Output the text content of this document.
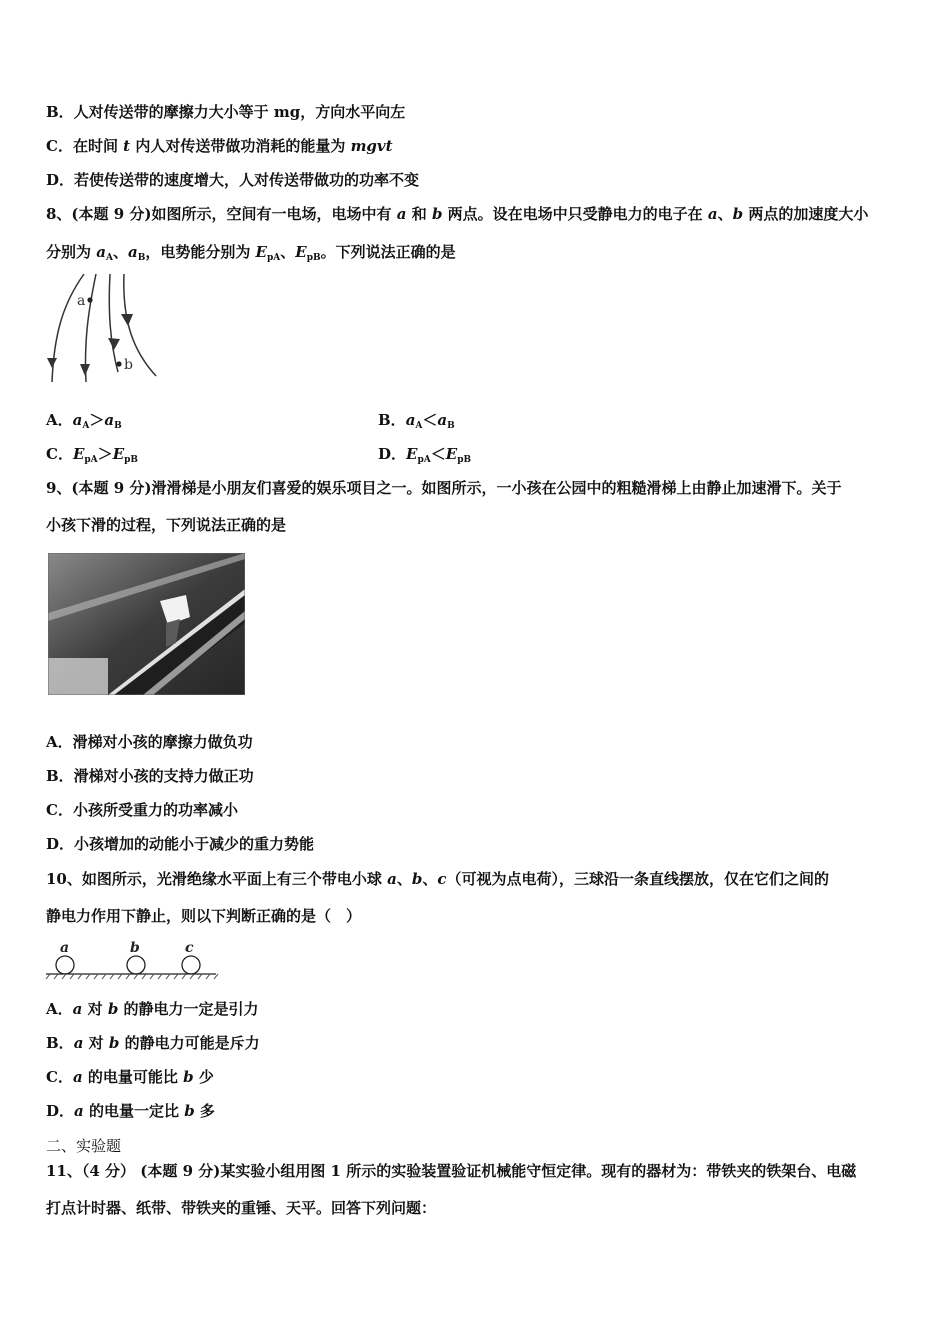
B．人对传送带的摩擦力大小等于 mg，方向水平向左
C．在时间 t 内人对传送带做功消耗的能量为 mgvt
D．若使传送带的速度增大，人对传送带做功的功率不变
8、(本题 9 分)如图所示，空间有一电场，电场中有 a 和 b 两点。设在电场中只受静电力的电子在 a、b 两点的加速度大小
分别为 $a_A$、$a_B$，电势能分别为 $E_{pA}$、$E_{pB}$。下列说法正确的是
a
b
A．$a_A>a_B$	B．$a_A<a_B$
C．$E_{pA}>E_{pB}$	D．$E_{pA}<E_{pB}$
9、(本题 9 分)滑滑梯是小朋友们喜爱的娱乐项目之一。如图所示，一小孩在公园中的粗糙滑梯上由静止加速滑下。关于
小孩下滑的过程，下列说法正确的是
A．滑梯对小孩的摩擦力做负功
B．滑梯对小孩的支持力做正功
C．小孩所受重力的功率减小
D．小孩增加的动能小于减少的重力势能
10、如图所示，光滑绝缘水平面上有三个带电小球 a、b、c（可视为点电荷），三球沿一条直线摆放，仅在它们之间的
静电力作用下静止，则以下判断正确的是（　）
a	b	c
A．a 对 b 的静电力一定是引力
B．a 对 b 的静电力可能是斥力
C．a 的电量可能比 b 少
D．a 的电量一定比 b 多
二、实验题
11、（4 分） (本题 9 分)某实验小组用图 1 所示的实验装置验证机械能守恒定律。现有的器材为：带铁夹的铁架台、电磁
打点计时器、纸带、带铁夹的重锤、天平。回答下列问题：
